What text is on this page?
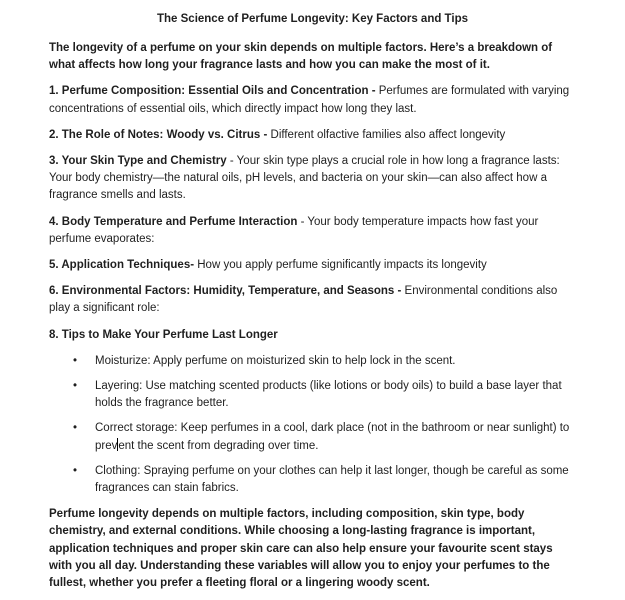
The Science of Perfume Longevity: Key Factors and Tips

The longevity of a perfume on your skin depends on multiple factors. Here’s a breakdown of what affects how long your fragrance lasts and how you can make the most of it.

1. Perfume Composition: Essential Oils and Concentration - Perfumes are formulated with varying concentrations of essential oils, which directly impact how long they last.

2. The Role of Notes: Woody vs. Citrus - Different olfactive families also affect longevity

3. Your Skin Type and Chemistry - Your skin type plays a crucial role in how long a fragrance lasts: Your body chemistry—the natural oils, pH levels, and bacteria on your skin—can also affect how a fragrance smells and lasts.

4. Body Temperature and Perfume Interaction - Your body temperature impacts how fast your perfume evaporates:

5. Application Techniques- How you apply perfume significantly impacts its longevity

6. Environmental Factors: Humidity, Temperature, and Seasons - Environmental conditions also play a significant role:

8. Tips to Make Your Perfume Last Longer

• Moisturize: Apply perfume on moisturized skin to help lock in the scent.
• Layering: Use matching scented products (like lotions or body oils) to build a base layer that holds the fragrance better.
• Correct storage: Keep perfumes in a cool, dark place (not in the bathroom or near sunlight) to prevent the scent from degrading over time.
• Clothing: Spraying perfume on your clothes can help it last longer, though be careful as some fragrances can stain fabrics.

Perfume longevity depends on multiple factors, including composition, skin type, body chemistry, and external conditions. While choosing a long-lasting fragrance is important, application techniques and proper skin care can also help ensure your favourite scent stays with you all day. Understanding these variables will allow you to enjoy your perfumes to the fullest, whether you prefer a fleeting floral or a lingering woody scent.
